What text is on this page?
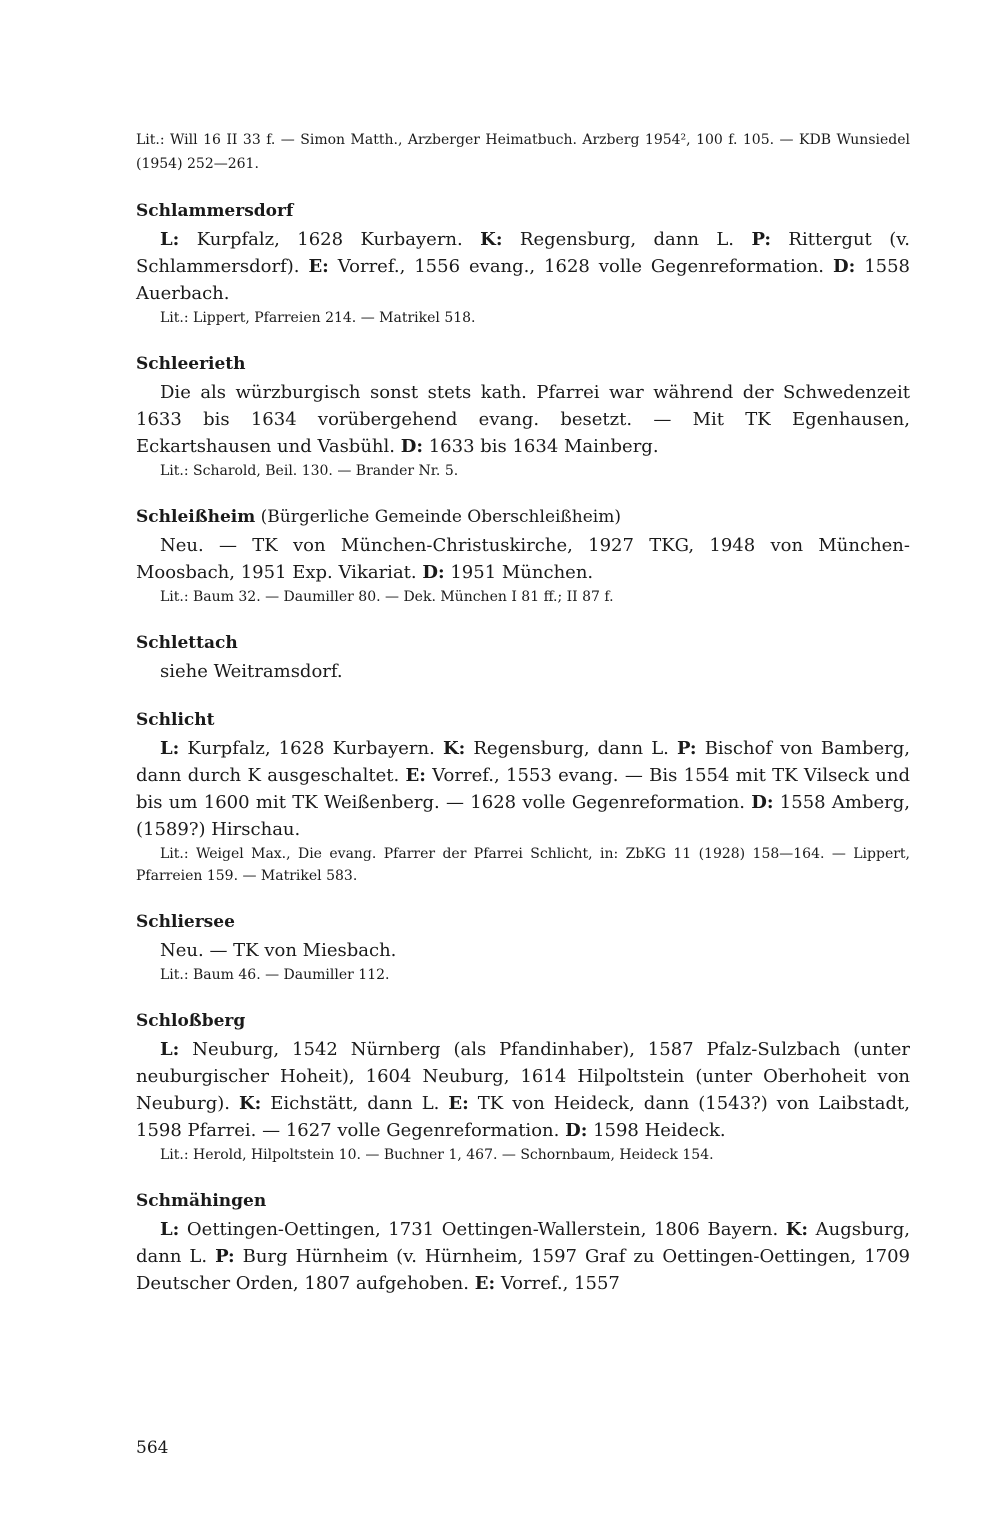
Lit.: Will 16 II 33 f. — Simon Matth., Arzberger Heimatbuch. Arzberg 1954², 100 f. 105. — KDB Wunsiedel (1954) 252—261.
Schlammersdorf
L: Kurpfalz, 1628 Kurbayern. K: Regensburg, dann L. P: Rittergut (v. Schlammersdorf). E: Vorref., 1556 evang., 1628 volle Gegenreformation. D: 1558 Auerbach.
Lit.: Lippert, Pfarreien 214. — Matrikel 518.
Schleerieth
Die als würzburgisch sonst stets kath. Pfarrei war während der Schwedenzeit 1633 bis 1634 vorübergehend evang. besetzt. — Mit TK Egenhausen, Eckartshausen und Vasbühl. D: 1633 bis 1634 Mainberg.
Lit.: Scharold, Beil. 130. — Brander Nr. 5.
Schleißheim (Bürgerliche Gemeinde Oberschleißheim)
Neu. — TK von München-Christuskirche, 1927 TKG, 1948 von München-Moosbach, 1951 Exp. Vikariat. D: 1951 München.
Lit.: Baum 32. — Daumiller 80. — Dek. München I 81 ff.; II 87 f.
Schlettach
siehe Weitramsdorf.
Schlicht
L: Kurpfalz, 1628 Kurbayern. K: Regensburg, dann L. P: Bischof von Bamberg, dann durch K ausgeschaltet. E: Vorref., 1553 evang. — Bis 1554 mit TK Vilseck und bis um 1600 mit TK Weißenberg. — 1628 volle Gegenreformation. D: 1558 Amberg, (1589?) Hirschau.
Lit.: Weigel Max., Die evang. Pfarrer der Pfarrei Schlicht, in: ZbKG 11 (1928) 158—164. — Lippert, Pfarreien 159. — Matrikel 583.
Schliersee
Neu. — TK von Miesbach.
Lit.: Baum 46. — Daumiller 112.
Schloßberg
L: Neuburg, 1542 Nürnberg (als Pfandinhaber), 1587 Pfalz-Sulzbach (unter neuburgischer Hoheit), 1604 Neuburg, 1614 Hilpoltstein (unter Oberhoheit von Neuburg). K: Eichstätt, dann L. E: TK von Heideck, dann (1543?) von Laibstadt, 1598 Pfarrei. — 1627 volle Gegenreformation. D: 1598 Heideck.
Lit.: Herold, Hilpoltstein 10. — Buchner 1, 467. — Schornbaum, Heideck 154.
Schmähingen
L: Oettingen-Oettingen, 1731 Oettingen-Wallerstein, 1806 Bayern. K: Augsburg, dann L. P: Burg Hürnheim (v. Hürnheim, 1597 Graf zu Oettingen-Oettingen, 1709 Deutscher Orden, 1807 aufgehoben. E: Vorref., 1557
564
